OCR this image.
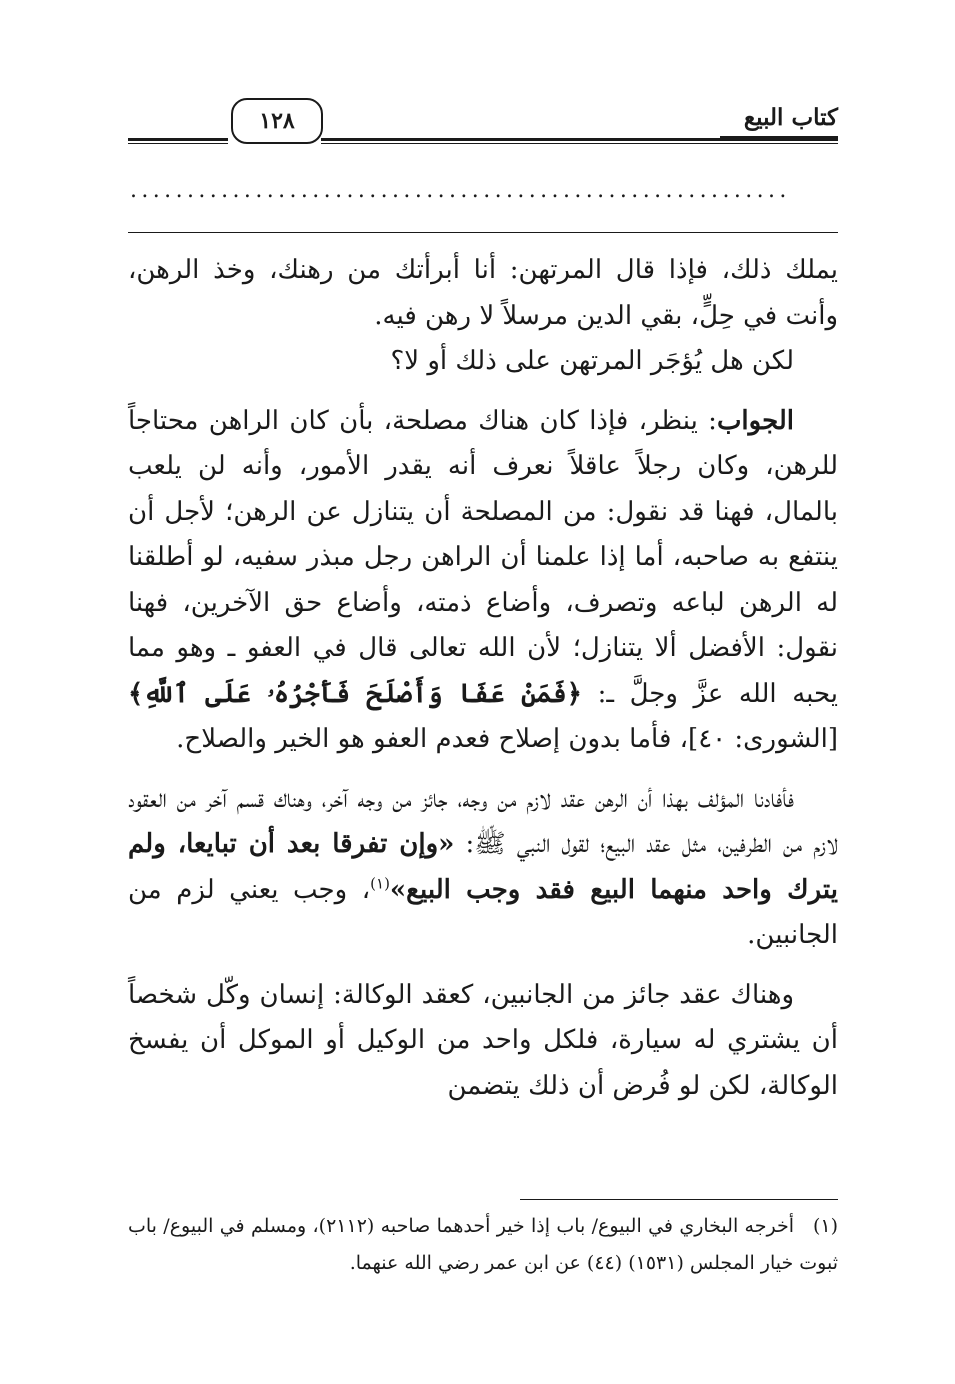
١٢٨	كتاب البيع
..........................................................

يملك ذلك، فإذا قال المرتهن: أنا أبرأتك من رهنك، وخذ الرهن، وأنت في حِلٍّ، بقي الدين مرسلاً لا رهن فيه.

لكن هل يُؤجَر المرتهن على ذلك أو لا؟

الجواب: ينظر، فإذا كان هناك مصلحة، بأن كان الراهن محتاجاً للرهن، وكان رجلاً عاقلاً نعرف أنه يقدر الأمور، وأنه لن يلعب بالمال، فهنا قد نقول: من المصلحة أن يتنازل عن الرهن؛ لأجل أن ينتفع به صاحبه، أما إذا علمنا أن الراهن رجل مبذر سفيه، لو أطلقنا له الرهن لباعه وتصرف، وأضاع ذمته، وأضاع حق الآخرين، فهنا نقول: الأفضل ألا يتنازل؛ لأن الله تعالى قال في العفو ـ وهو مما يحبه الله عزَّ وجلَّ ـ: ﴿فَمَنْ عَفَا وَأَصْلَحَ فَأَجْرُهُۥ عَلَى ٱللَّهِ﴾ [الشورى: ٤٠]، فأما بدون إصلاح فعدم العفو هو الخير والصلاح.

فأفادنا المؤلف بهذا أن الرهن عقد لازم من وجه، جائز من وجه آخر، وهناك قسم آخر من العقود لازم من الطرفين، مثل عقد البيع؛ لقول النبي ﷺ: «وإن تفرقا بعد أن تبايعا، ولم يترك واحد منهما البيع فقد وجب البيع»$^{(١)}$، وجب يعني لزم من الجانبين.

وهناك عقد جائز من الجانبين، كعقد الوكالة: إنسان وكّل شخصاً أن يشتري له سيارة، فلكل واحد من الوكيل أو الموكل أن يفسخ الوكالة، لكن لو فُرض أن ذلك يتضمن

(١)أخرجه البخاري في البيوع/ باب إذا خير أحدهما صاحبه (٢١١٢)، ومسلم في البيوع/ باب ثبوت خيار المجلس (١٥٣١) (٤٤) عن ابن عمر رضي الله عنهما.
